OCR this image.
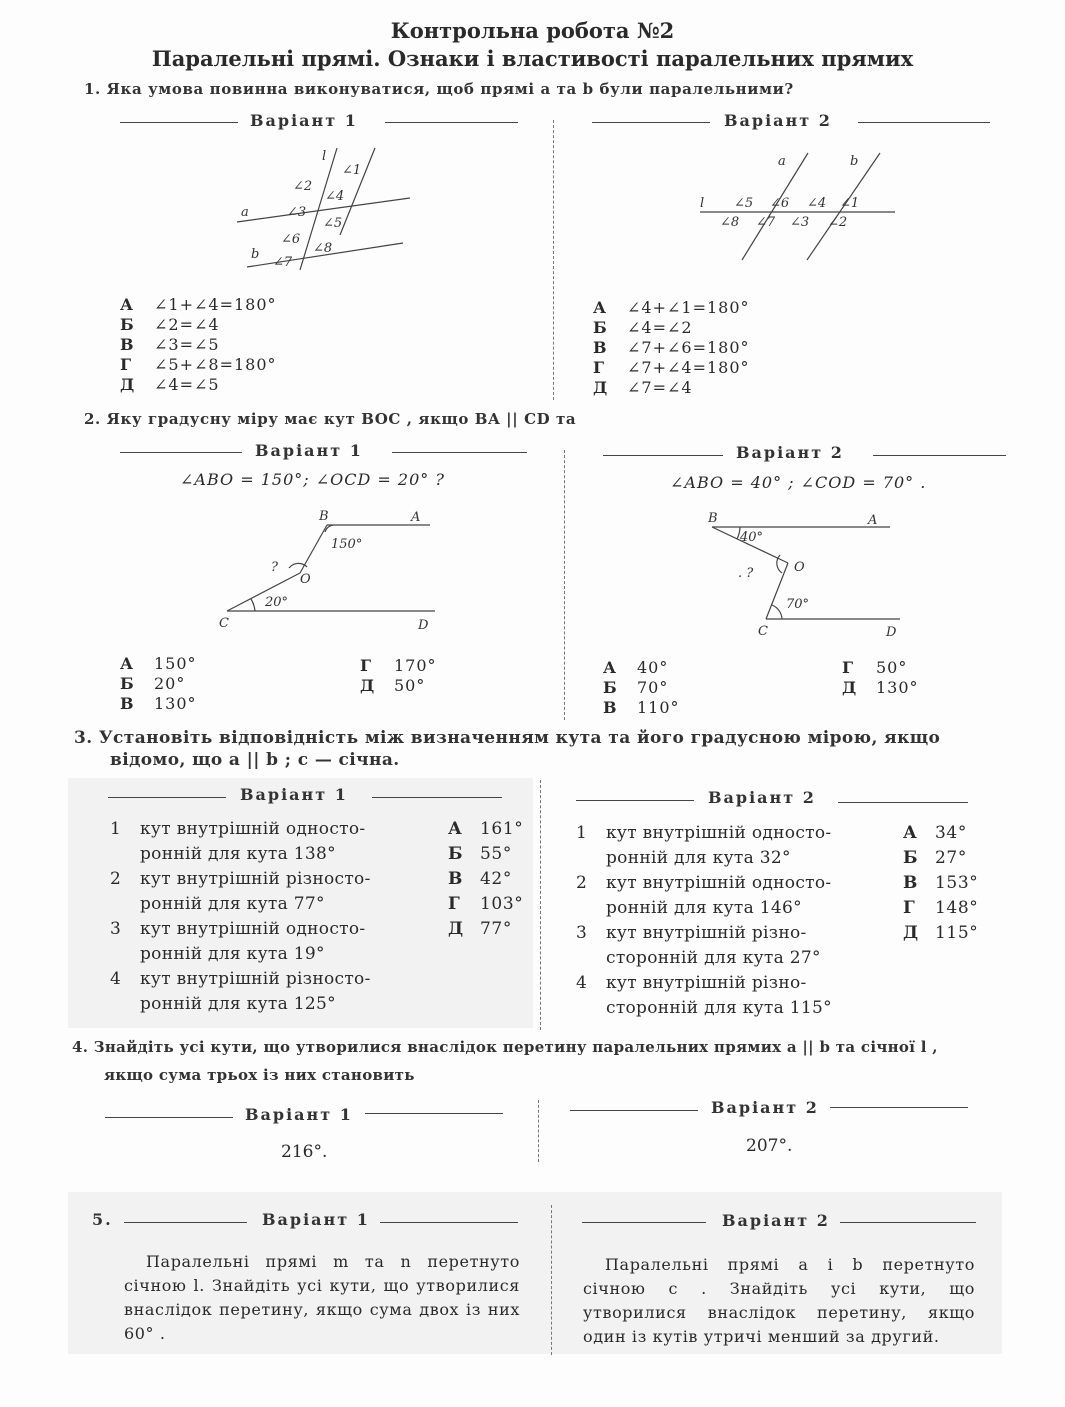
Контрольна робота №2
Паралельні прямі. Ознаки і властивості паралельних прямих
1. Яка умова повинна виконуватися, щоб прямі a та b були паралельними?
Варіант 1	Варіант 2
l
∠1
∠2
∠4
a	∠3
∠5
∠6
∠8
b
∠7
a	b
l ∠5 ∠6 ∠4 ∠1
∠8 ∠7 ∠3 ∠2
А ∠1+∠4=180°
Б ∠2=∠4
В ∠3=∠5
Г ∠5+∠8=180°
Д ∠4=∠5
А ∠4+∠1=180°
Б ∠4=∠2
В ∠7+∠6=180°
Г ∠7+∠4=180°
Д ∠7=∠4
2. Яку градусну міру має кут BOC , якщо BA || CD та
Варіант 1	Варіант 2
∠ABO = 150°; ∠OCD = 20° ?	∠ABO = 40° ; ∠COD = 70° .
B	A
150°
?
O
20°
C	D
B	A
40°
. ?	O
70°
C	D
А 150°
Б 20°
В 130°
Г 170°
Д 50°
А 40°
Б 70°
В 110°
Г 50°
Д 130°
3. Установіть відповідність між визначенням кута та його градусною мірою, якщо
відомо, що a || b ; c — січна.
Варіант 1	Варіант 2
1 кут внутрішній односто-
ронній для кута 138°
2 кут внутрішній різносто-
ронній для кута 77°
3 кут внутрішній односто-
ронній для кута 19°
4 кут внутрішній різносто-
ронній для кута 125°
А 161°
Б 55°
В 42°
Г 103°
Д 77°
1 кут внутрішній односто-
ронній для кута 32°
2 кут внутрішній односто-
ронній для кута 146°
3 кут внутрішній різно-
сторонній для кута 27°
4 кут внутрішній різно-
сторонній для кута 115°
А 34°
Б 27°
В 153°
Г 148°
Д 115°
4. Знайдіть усі кути, що утворилися внаслідок перетину паралельних прямих a || b та січної l ,
якщо сума трьох із них становить
Варіант 1	Варіант 2
216°.	207°.
5.	Варіант 1	Варіант 2
Паралельні прямі m та n перетнуто січною l. Знайдіть усі кути, що утворилися внаслідок перетину, якщо сума двох із них 60° .
Паралельні прямі a і b перетнуто січною c . Знайдіть усі кути, що утворилися внаслідок перетину, якщо один із кутів утричі менший за другий.
